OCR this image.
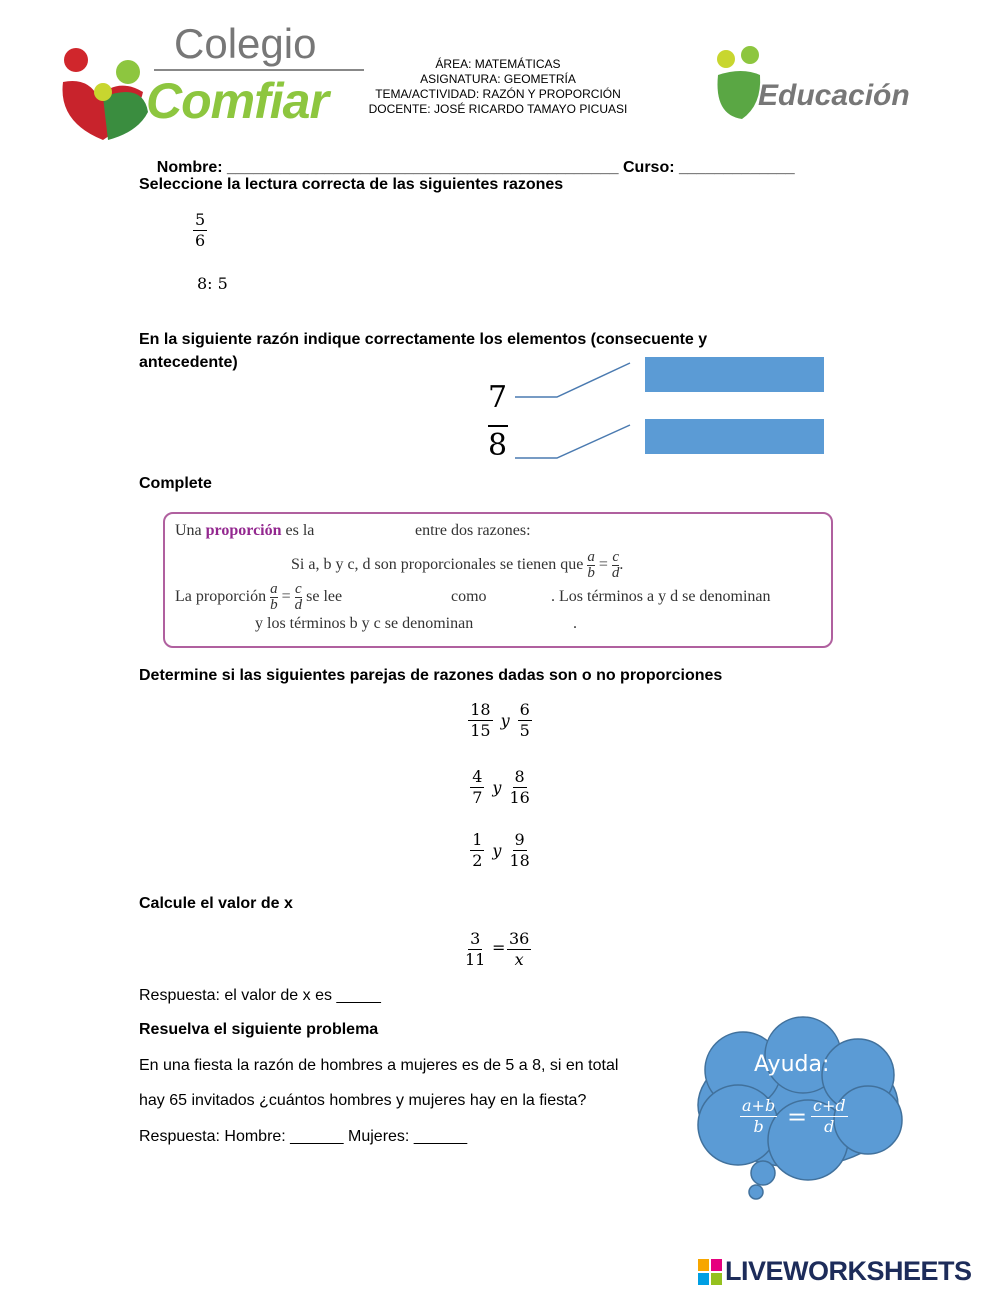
Colegio
Comfiar
ÁREA: MATEMÁTICAS
ASIGNATURA: GEOMETRÍA
TEMA/ACTIVIDAD: RAZÓN Y PROPORCIÓN
DOCENTE: JOSÉ RICARDO TAMAYO PICUASI	Educación

Nombre: ____________________________________________ Curso: _____________

Seleccione la lectura correcta de las siguientes razones
$\frac{5}{6}$
8: 5
En la siguiente razón indique correctamente los elementos (consecuente y
antecedente)
7
8
Complete
Una proporción es la	entre dos razones:
Si a, b y c, d son proporcionales se tienen que $\frac{a}{b} = \frac{c}{d}$ .
La proporción $\frac{a}{b} = \frac{c}{d}$ se lee	como	. Los términos a y d se denominan
y los términos b y c se denominan	.
Determine si las siguientes parejas de razones dadas son o no proporciones
$\frac{18}{15}$ y $\frac{6}{5}$
$\frac{4}{7}$ y $\frac{8}{16}$
$\frac{1}{2}$ y $\frac{9}{18}$
Calcule el valor de x
$\frac{3}{11} = \frac{36}{x}$
Respuesta: el valor de x es _____
Resuelva el siguiente problema
En una fiesta la razón de hombres a mujeres es de 5 a 8, si en total
hay 65 invitados ¿cuántos hombres y mujeres hay en la fiesta?
Respuesta: Hombre: ______ Mujeres: ______
Ayuda:
$\frac{a+b}{b} = \frac{c+d}{d}$
LIVEWORKSHEETS
